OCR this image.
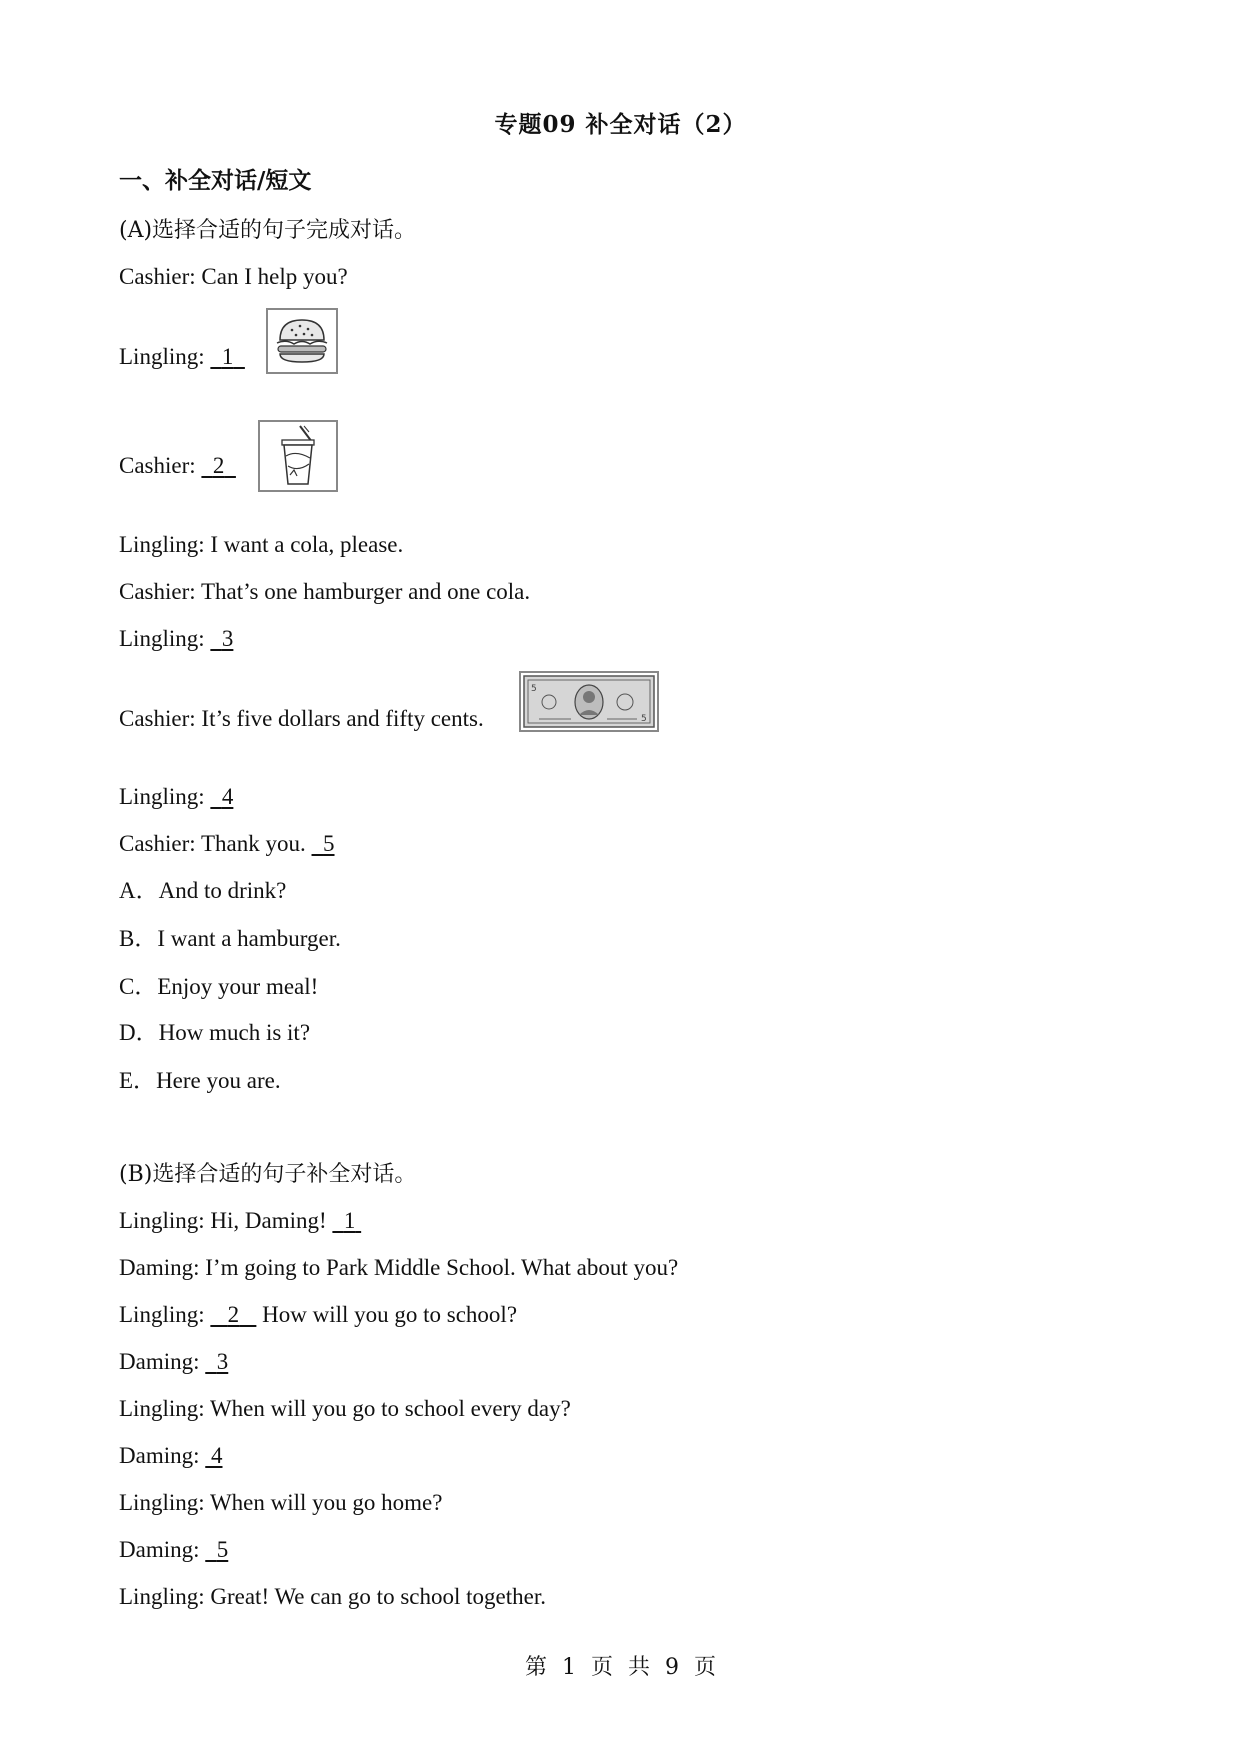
专题09 补全对话（2）
一、补全对话/短文
(A)选择合适的句子完成对话。
Cashier: Can I help you?
Lingling: 1
Cashier: 2
Lingling: I want a cola, please.
Cashier: That’s one hamburger and one cola.
Lingling: 3
Cashier: It’s five dollars and fifty cents.
5
5
Lingling: 4
Cashier: Thank you. 5
A．And to drink?
B．I want a hamburger.
C．Enjoy your meal!
D．How much is it?
E．Here you are.
(B)选择合适的句子补全对话。
Lingling: Hi, Daming! 1
Daming: I’m going to Park Middle School. What about you?
Lingling: 2 How will you go to school?
Daming: 3
Lingling: When will you go to school every day?
Daming: 4
Lingling: When will you go home?
Daming: 5
Lingling: Great! We can go to school together.
第 1 页 共 9 页
